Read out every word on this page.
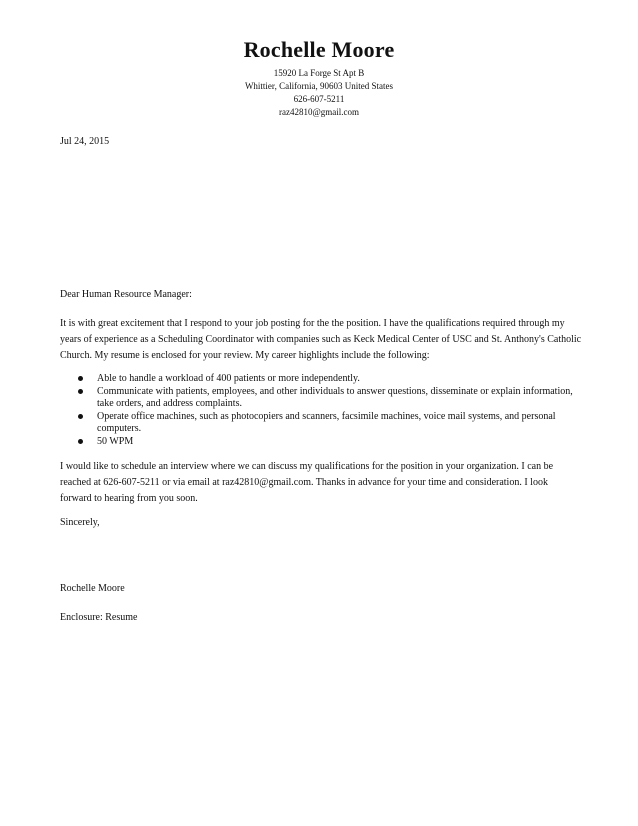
Rochelle Moore
15920 La Forge St Apt B
Whittier, California, 90603 United States
626-607-5211
raz42810@gmail.com
Jul 24, 2015
Dear Human Resource Manager:

It is with great excitement that I respond to your job posting for the the position. I have the qualifications required through my years of experience as a Scheduling Coordinator with companies such as Keck Medical Center of USC and St. Anthony's Catholic Church. My resume is enclosed for your review. My career highlights include the following:

Able to handle a workload of 400 patients or more independently.
Communicate with patients, employees, and other individuals to answer questions, disseminate or explain information, take orders, and address complaints.
Operate office machines, such as photocopiers and scanners, facsimile machines, voice mail systems, and personal computers.
50 WPM

I would like to schedule an interview where we can discuss my qualifications for the position in your organization. I can be reached at 626-607-5211 or via email at raz42810@gmail.com. Thanks in advance for your time and consideration. I look forward to hearing from you soon.

Sincerely,
Rochelle Moore
Enclosure: Resume
